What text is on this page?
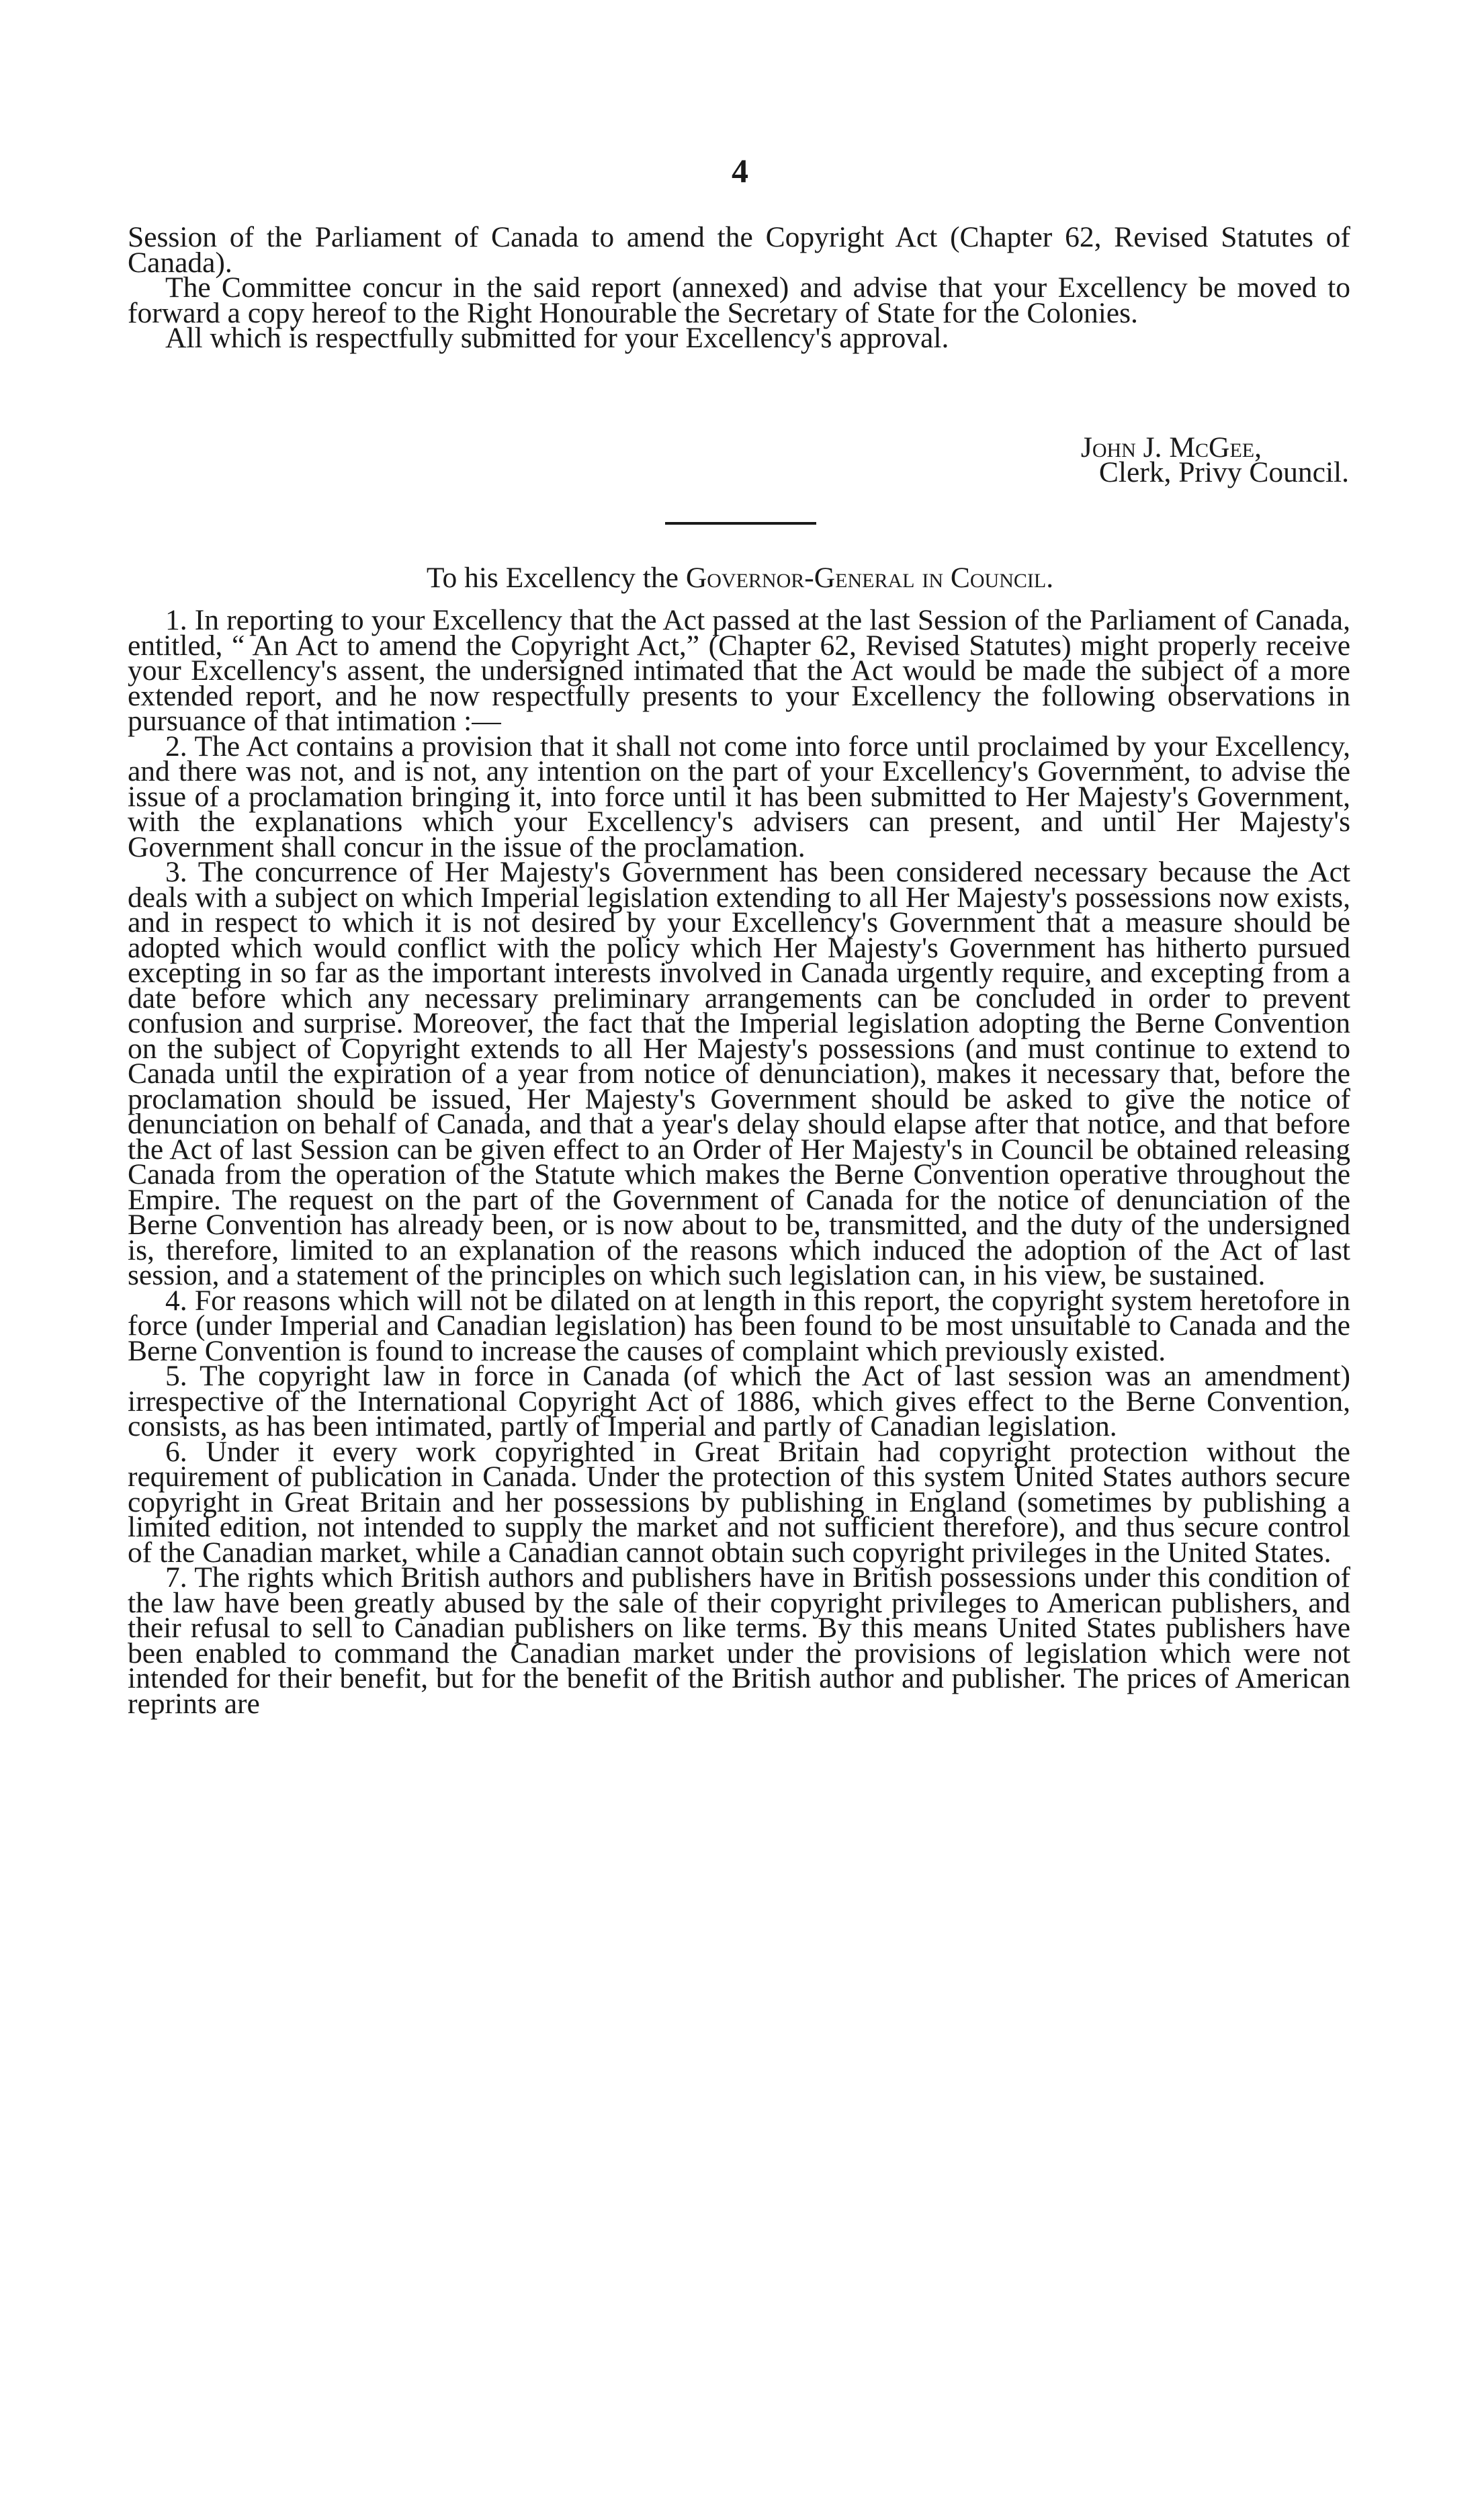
4

Session of the Parliament of Canada to amend the Copyright Act (Chapter 62, Revised Statutes of Canada).

The Committee concur in the said report (annexed) and advise that your Excellency be moved to forward a copy hereof to the Right Honourable the Secretary of State for the Colonies.

All which is respectfully submitted for your Excellency's approval.

John J. McGee,
Clerk, Privy Council.
To his Excellency the Governor-General in Council.

1. In reporting to your Excellency that the Act passed at the last Session of the Parliament of Canada, entitled, “ An Act to amend the Copyright Act,” (Chapter 62, Revised Statutes) might properly receive your Excellency's assent, the undersigned intimated that the Act would be made the subject of a more extended report, and he now respectfully presents to your Excellency the following observations in pursuance of that intimation :—

2. The Act contains a provision that it shall not come into force until proclaimed by your Excellency, and there was not, and is not, any intention on the part of your Excellency's Government, to advise the issue of a proclamation bringing it, into force until it has been submitted to Her Majesty's Government, with the explanations which your Excellency's advisers can present, and until Her Majesty's Government shall concur in the issue of the proclamation.

3. The concurrence of Her Majesty's Government has been considered necessary because the Act deals with a subject on which Imperial legislation extending to all Her Majesty's possessions now exists, and in respect to which it is not desired by your Excellency's Government that a measure should be adopted which would conflict with the policy which Her Majesty's Government has hitherto pursued excepting in so far as the important interests involved in Canada urgently require, and excepting from a date before which any necessary preliminary arrangements can be concluded in order to prevent confusion and surprise. Moreover, the fact that the Imperial legislation adopting the Berne Convention on the subject of Copyright extends to all Her Majesty's possessions (and must continue to extend to Canada until the expiration of a year from notice of denunciation), makes it necessary that, before the proclamation should be issued, Her Majesty's Government should be asked to give the notice of denunciation on behalf of Canada, and that a year's delay should elapse after that notice, and that before the Act of last Session can be given effect to an Order of Her Majesty's in Council be obtained releasing Canada from the operation of the Statute which makes the Berne Convention operative throughout the Empire. The request on the part of the Government of Canada for the notice of denunciation of the Berne Convention has already been, or is now about to be, transmitted, and the duty of the undersigned is, therefore, limited to an explanation of the reasons which induced the adoption of the Act of last session, and a statement of the principles on which such legislation can, in his view, be sustained.

4. For reasons which will not be dilated on at length in this report, the copyright system heretofore in force (under Imperial and Canadian legislation) has been found to be most unsuitable to Canada and the Berne Convention is found to increase the causes of complaint which previously existed.

5. The copyright law in force in Canada (of which the Act of last session was an amendment) irrespective of the International Copyright Act of 1886, which gives effect to the Berne Convention, consists, as has been intimated, partly of Imperial and partly of Canadian legislation.

6. Under it every work copyrighted in Great Britain had copyright protection without the requirement of publication in Canada. Under the protection of this system United States authors secure copyright in Great Britain and her possessions by publishing in England (sometimes by publishing a limited edition, not intended to supply the market and not sufficient therefore), and thus secure control of the Canadian market, while a Canadian cannot obtain such copyright privileges in the United States.

7. The rights which British authors and publishers have in British possessions under this condition of the law have been greatly abused by the sale of their copyright privileges to American publishers, and their refusal to sell to Canadian publishers on like terms. By this means United States publishers have been enabled to command the Canadian market under the provisions of legislation which were not intended for their benefit, but for the benefit of the British author and publisher. The prices of American reprints are
